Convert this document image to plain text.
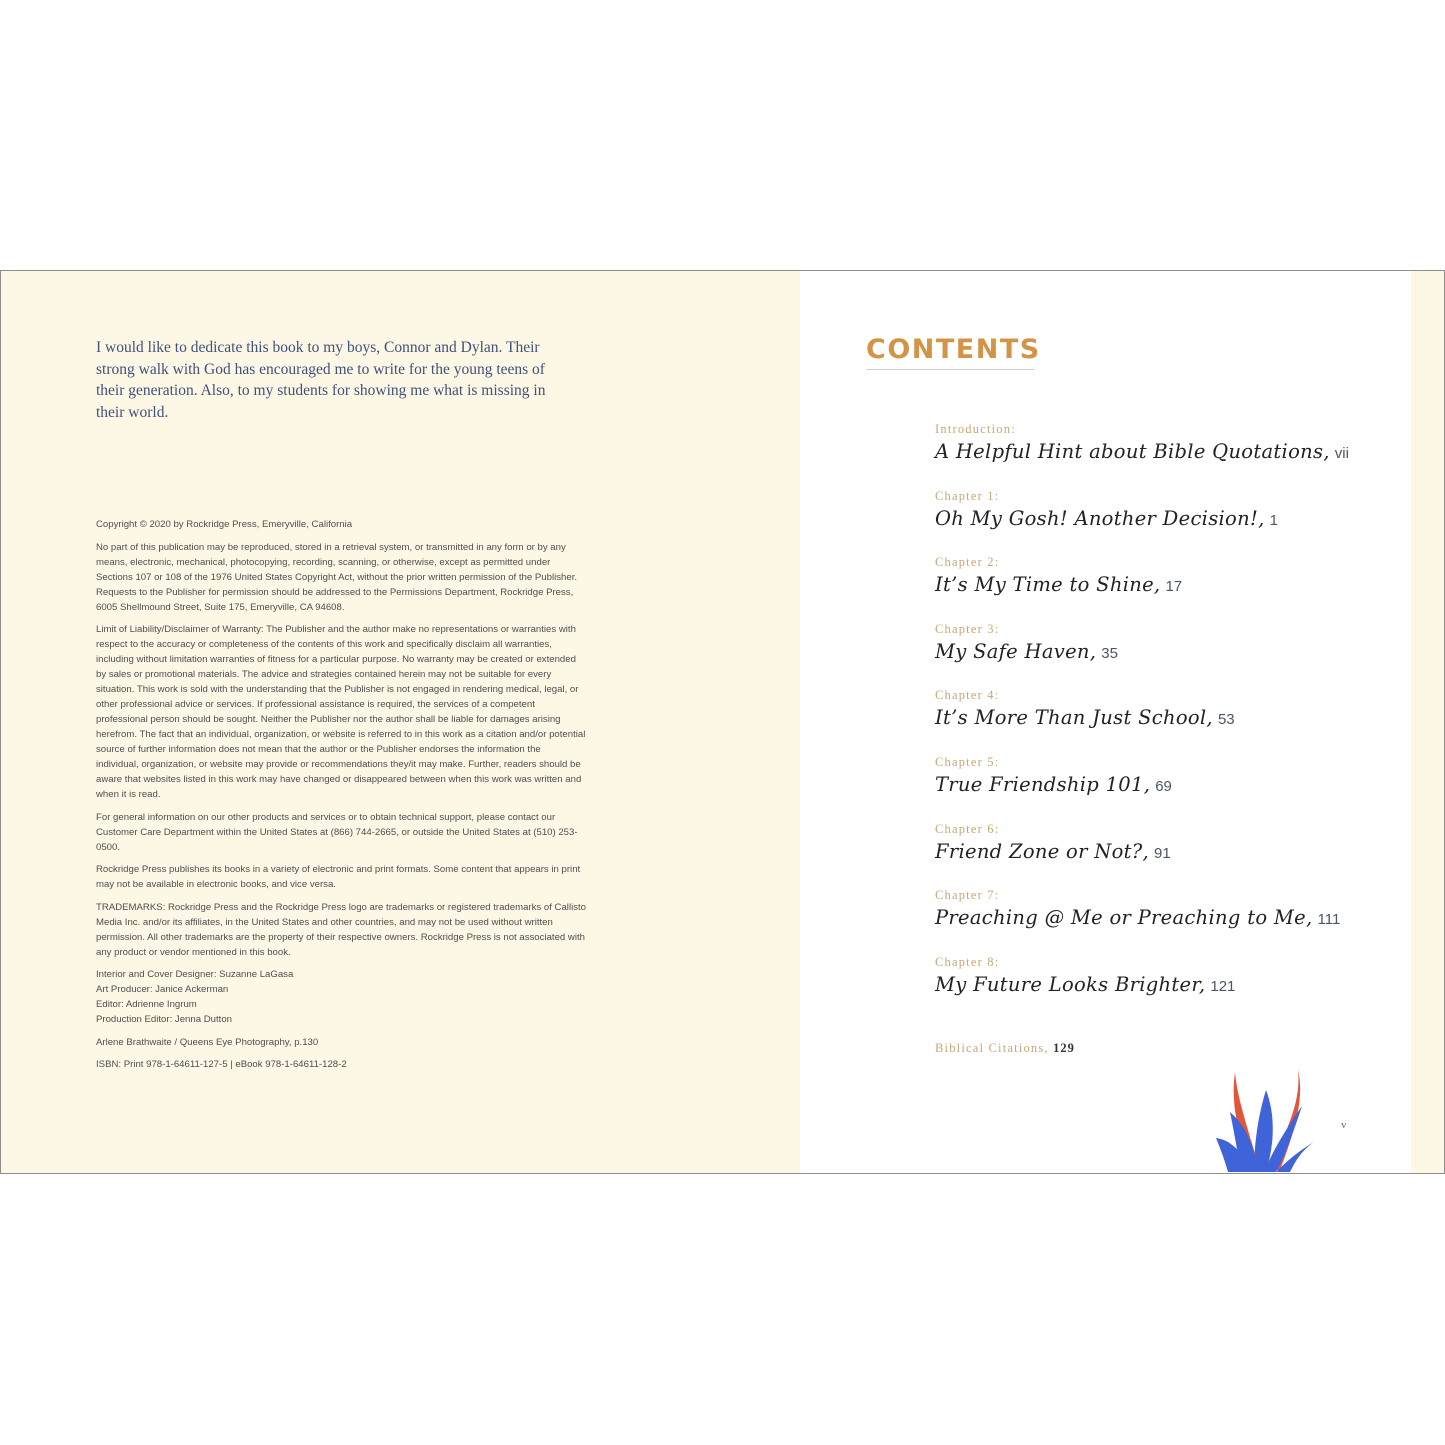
I would like to dedicate this book to my boys, Connor and Dylan. Their strong walk with God has encouraged me to write for the young teens of their generation. Also, to my students for showing me what is missing in their world.

Copyright © 2020 by Rockridge Press, Emeryville, California

No part of this publication may be reproduced, stored in a retrieval system, or transmitted in any form or by any means, electronic, mechanical, photocopying, recording, scanning, or otherwise, except as permitted under Sections 107 or 108 of the 1976 United States Copyright Act, without the prior written permission of the Publisher. Requests to the Publisher for permission should be addressed to the Permissions Department, Rockridge Press, 6005 Shellmound Street, Suite 175, Emeryville, CA 94608.

Limit of Liability/Disclaimer of Warranty: The Publisher and the author make no representations or warranties with respect to the accuracy or completeness of the contents of this work and specifically disclaim all warranties, including without limitation warranties of fitness for a particular purpose. No warranty may be created or extended by sales or promotional materials. The advice and strategies contained herein may not be suitable for every situation. This work is sold with the understanding that the Publisher is not engaged in rendering medical, legal, or other professional advice or services. If professional assistance is required, the services of a competent professional person should be sought. Neither the Publisher nor the author shall be liable for damages arising herefrom. The fact that an individual, organization, or website is referred to in this work as a citation and/or potential source of further information does not mean that the author or the Publisher endorses the information the individual, organization, or website may provide or recommendations they/it may make. Further, readers should be aware that websites listed in this work may have changed or disappeared between when this work was written and when it is read.

For general information on our other products and services or to obtain technical support, please contact our Customer Care Department within the United States at (866) 744-2665, or outside the United States at (510) 253-0500.

Rockridge Press publishes its books in a variety of electronic and print formats. Some content that appears in print may not be available in electronic books, and vice versa.

TRADEMARKS: Rockridge Press and the Rockridge Press logo are trademarks or registered trademarks of Callisto Media Inc. and/or its affiliates, in the United States and other countries, and may not be used without written permission. All other trademarks are the property of their respective owners. Rockridge Press is not associated with any product or vendor mentioned in this book.

Interior and Cover Designer: Suzanne LaGasa

Art Producer: Janice Ackerman

Editor: Adrienne Ingrum

Production Editor: Jenna Dutton

Arlene Brathwaite / Queens Eye Photography, p.130

ISBN: Print 978-1-64611-127-5 | eBook 978-1-64611-128-2

CONTENTS
Introduction:
A Helpful Hint about Bible Quotations, vii
Chapter 1:
Oh My Gosh! Another Decision!, 1
Chapter 2:
It’s My Time to Shine, 17
Chapter 3:
My Safe Haven, 35
Chapter 4:
It’s More Than Just School, 53
Chapter 5:
True Friendship 101, 69
Chapter 6:
Friend Zone or Not?, 91
Chapter 7:
Preaching @ Me or Preaching to Me, 111
Chapter 8:
My Future Looks Brighter, 121
Biblical Citations, 129
v
